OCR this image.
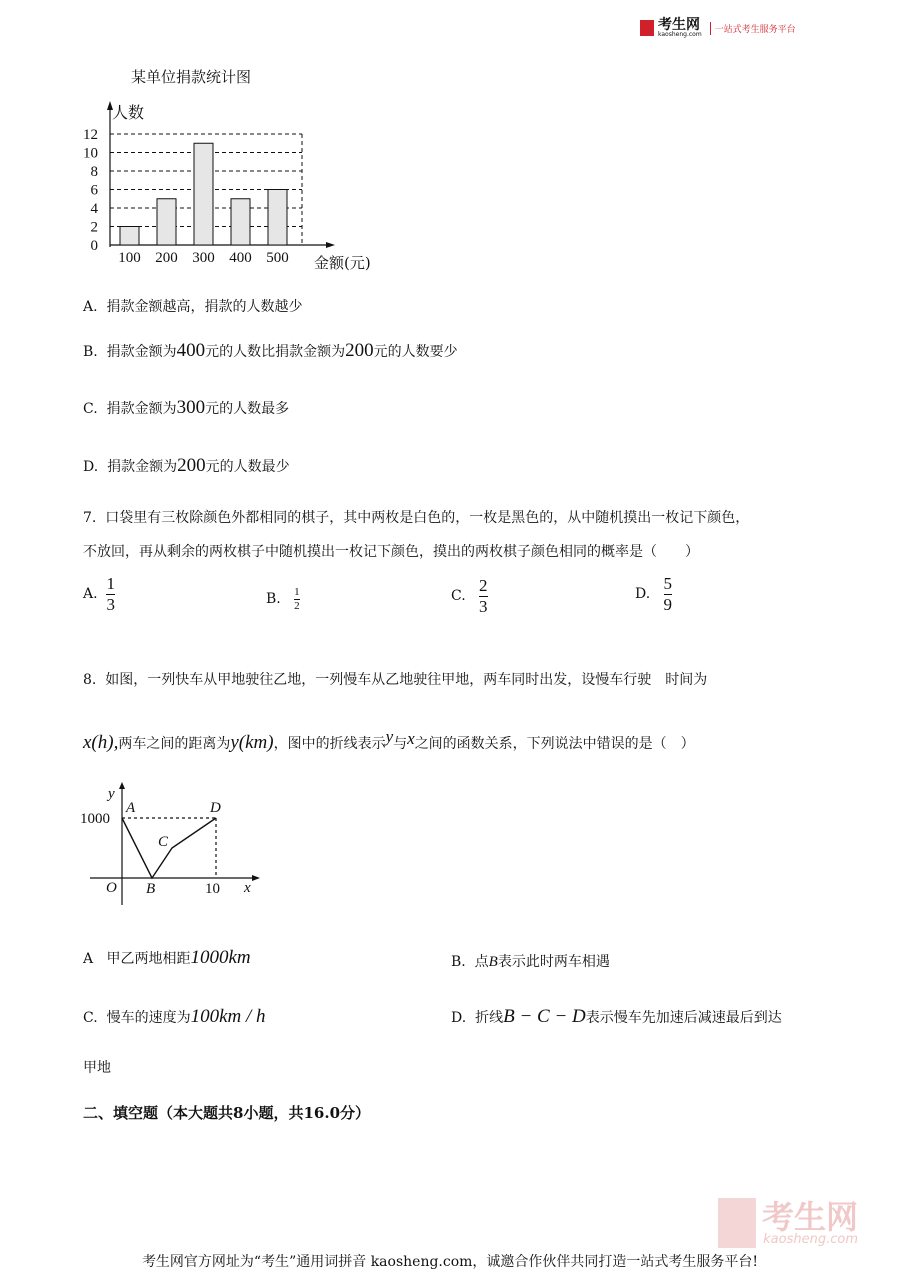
考生网
kaosheng.com	一站式考生服务平台
某单位捐款统计图
0
2
4
6
8
10
12
人数
金额(元)
100 200 300 400 500
A. 捐款金额越高，捐款的人数越少
B. 捐款金额为400元的人数比捐款金额为200元的人数要少
C. 捐款金额为300元的人数最多
D. 捐款金额为200元的人数最少
7. 口袋里有三枚除颜色外都相同的棋子，其中两枚是白色的，一枚是黑色的，从中随机摸出一枚记下颜色，
不放回，再从剩余的两枚棋子中随机摸出一枚记下颜色，摸出的两枚棋子颜色相同的概率是（　　）
A. $\frac{1}{3}$	B. $\frac{1}{2}$	C. $\frac{2}{3}$	D. $\frac{5}{9}$
8. 如图，一列快车从甲地驶往乙地，一列慢车从乙地驶往甲地，两车同时出发，设慢车行驶　时间为
x(h),两车之间的距离为y(km)，图中的折线表示y与x之间的函数关系，下列说法中错误的是（　）
y
x
O
A
B
C
D
1000
10
A 甲乙两地相距1000km	B. 点B表示此时两车相遇
C. 慢车的速度为100km / h	D. 折线B − C − D表示慢车先加速后减速最后到达
甲地
二、填空题（本大题共8小题，共16.0分）
考生网
kaosheng.com
考生网官方网址为“考生”通用词拼音 kaosheng.com，诚邀合作伙伴共同打造一站式考生服务平台!
